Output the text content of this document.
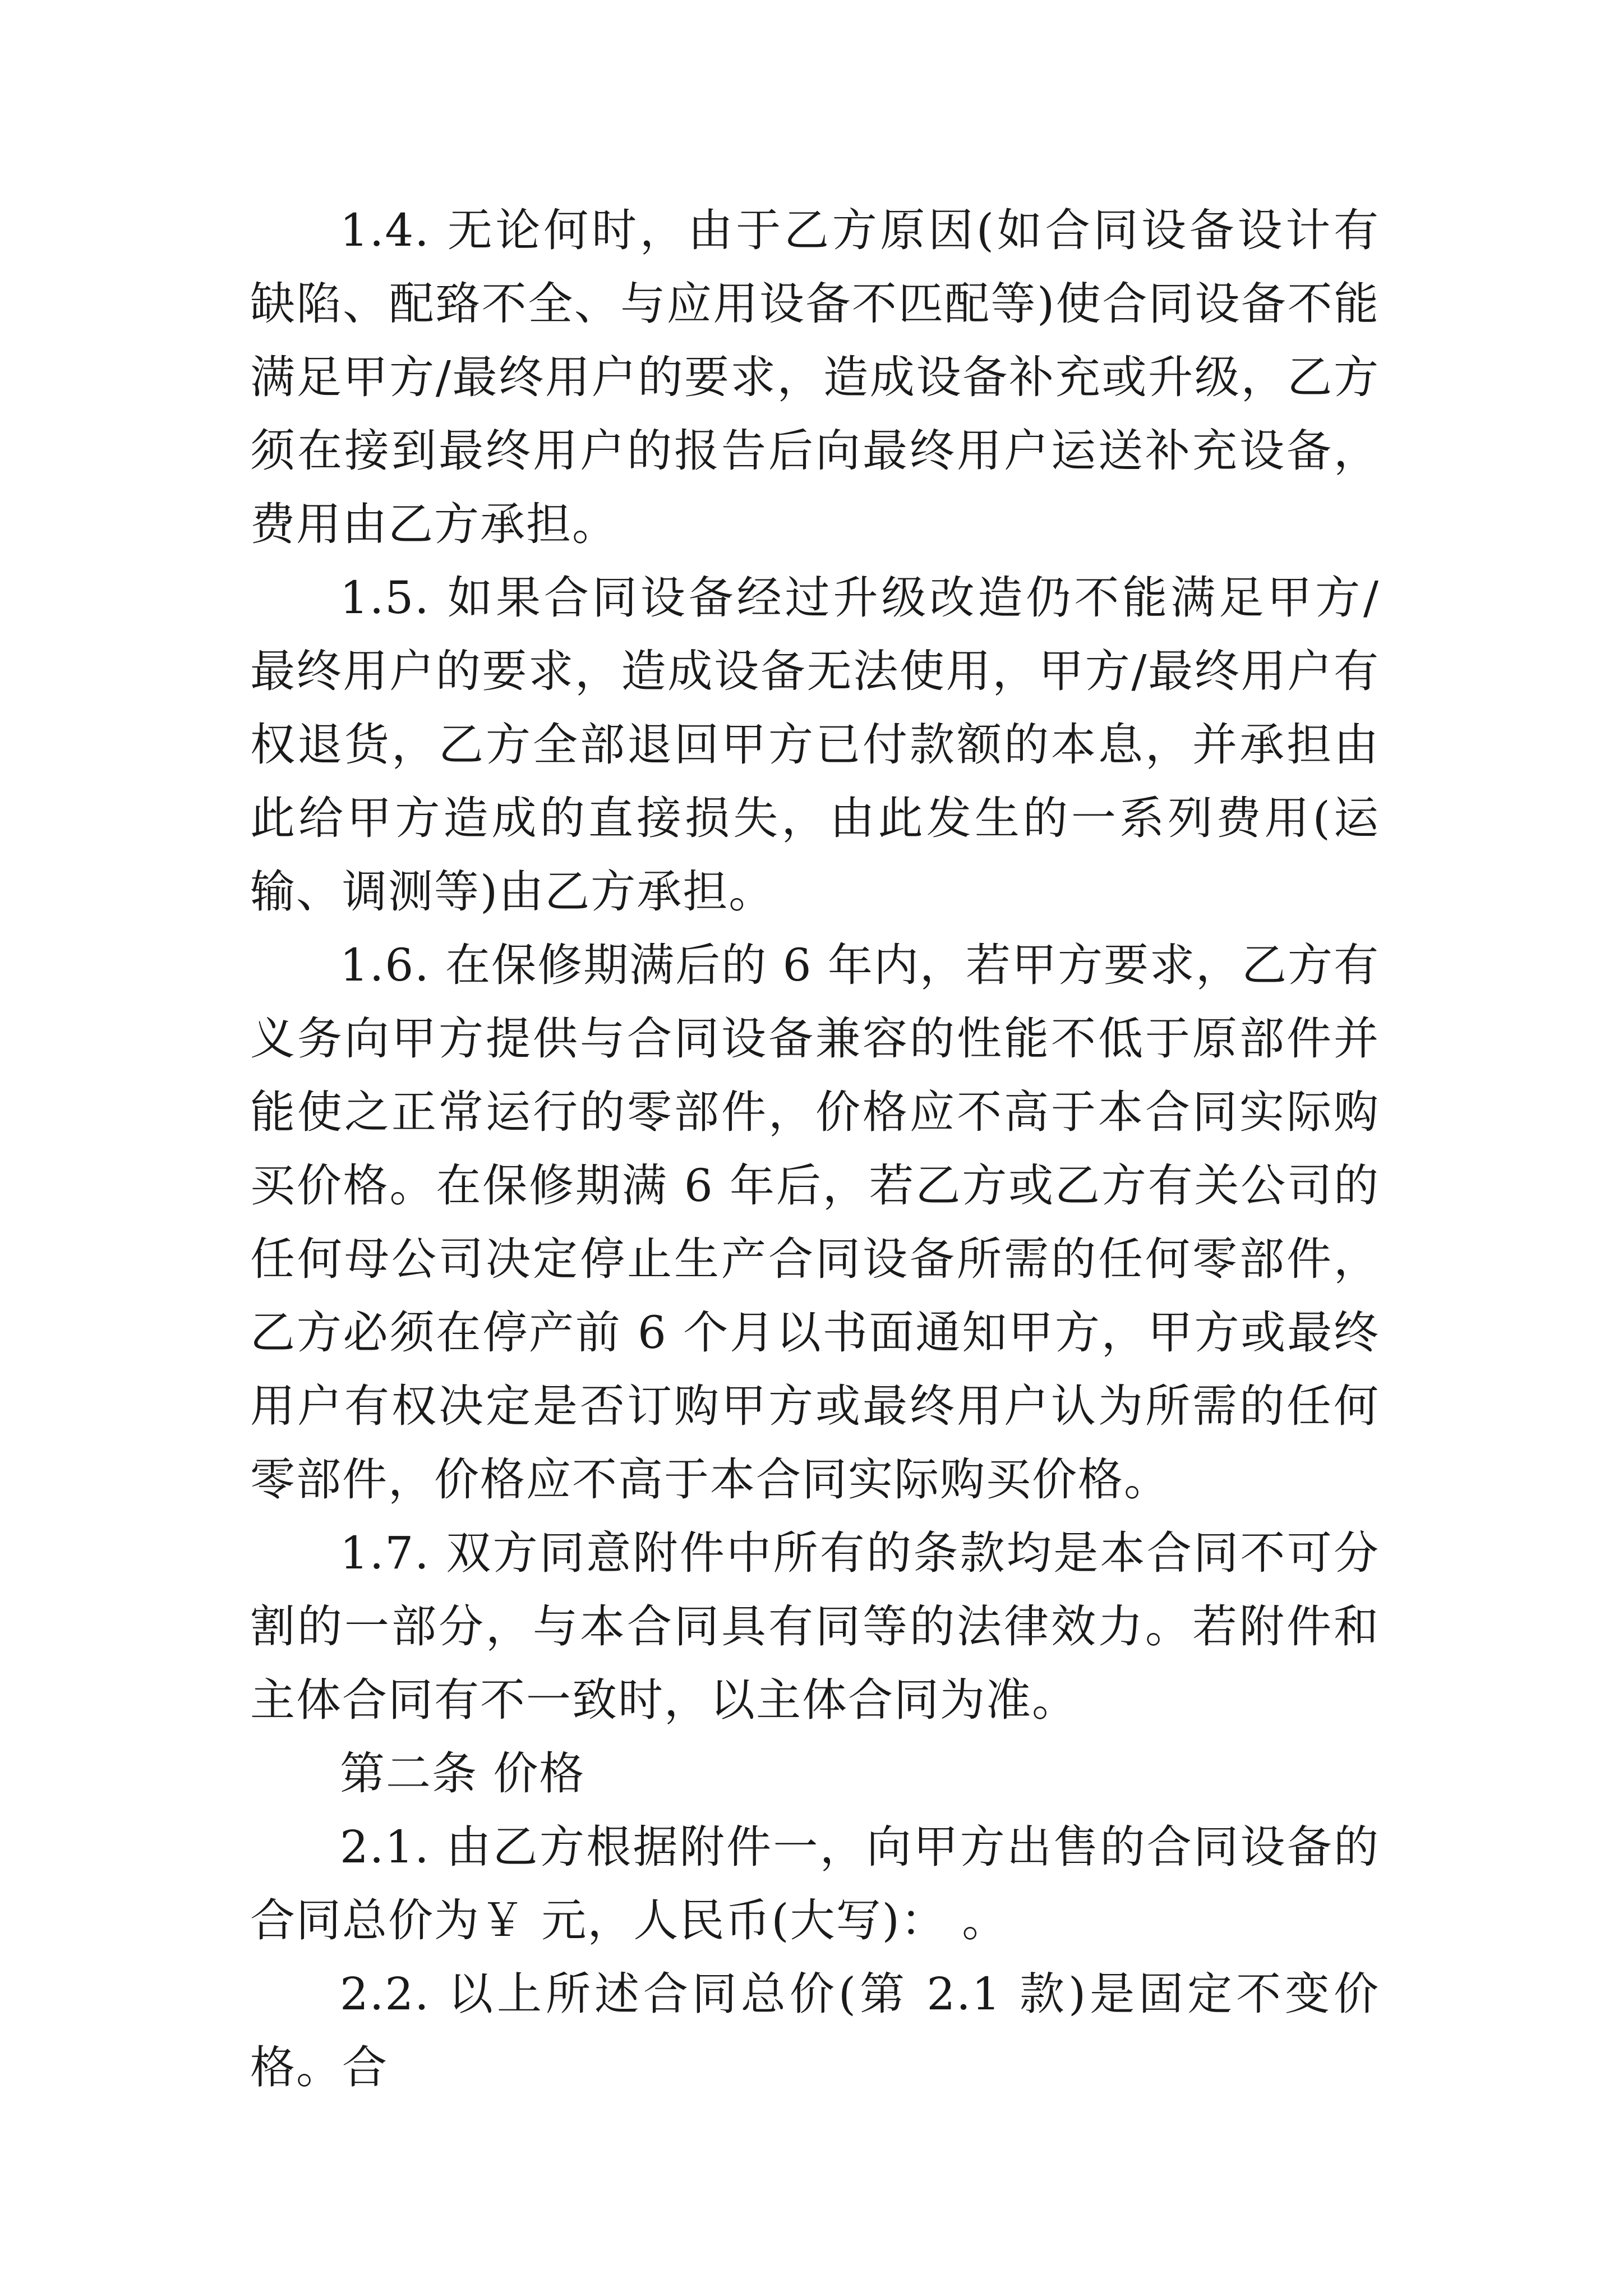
1.4. 无论何时，由于乙方原因(如合同设备设计有缺陷、配臵不全、与应用设备不匹配等)使合同设备不能满足甲方/最终用户的要求，造成设备补充或升级，乙方须在接到最终用户的报告后向最终用户运送补充设备，费用由乙方承担。

1.5. 如果合同设备经过升级改造仍不能满足甲方/最终用户的要求，造成设备无法使用，甲方/最终用户有权退货，乙方全部退回甲方已付款额的本息，并承担由此给甲方造成的直接损失，由此发生的一系列费用(运输、调测等)由乙方承担。

1.6. 在保修期满后的 6 年内，若甲方要求，乙方有义务向甲方提供与合同设备兼容的性能不低于原部件并能使之正常运行的零部件，价格应不高于本合同实际购买价格。在保修期满 6 年后，若乙方或乙方有关公司的任何母公司决定停止生产合同设备所需的任何零部件，乙方必须在停产前 6 个月以书面通知甲方，甲方或最终用户有权决定是否订购甲方或最终用户认为所需的任何零部件，价格应不高于本合同实际购买价格。

1.7. 双方同意附件中所有的条款均是本合同不可分割的一部分，与本合同具有同等的法律效力。若附件和主体合同有不一致时，以主体合同为准。

第二条 价格

2.1. 由乙方根据附件一，向甲方出售的合同设备的合同总价为￥ 元，人民币(大写)： 。

2.2. 以上所述合同总价(第 2.1 款)是固定不变价格。合
